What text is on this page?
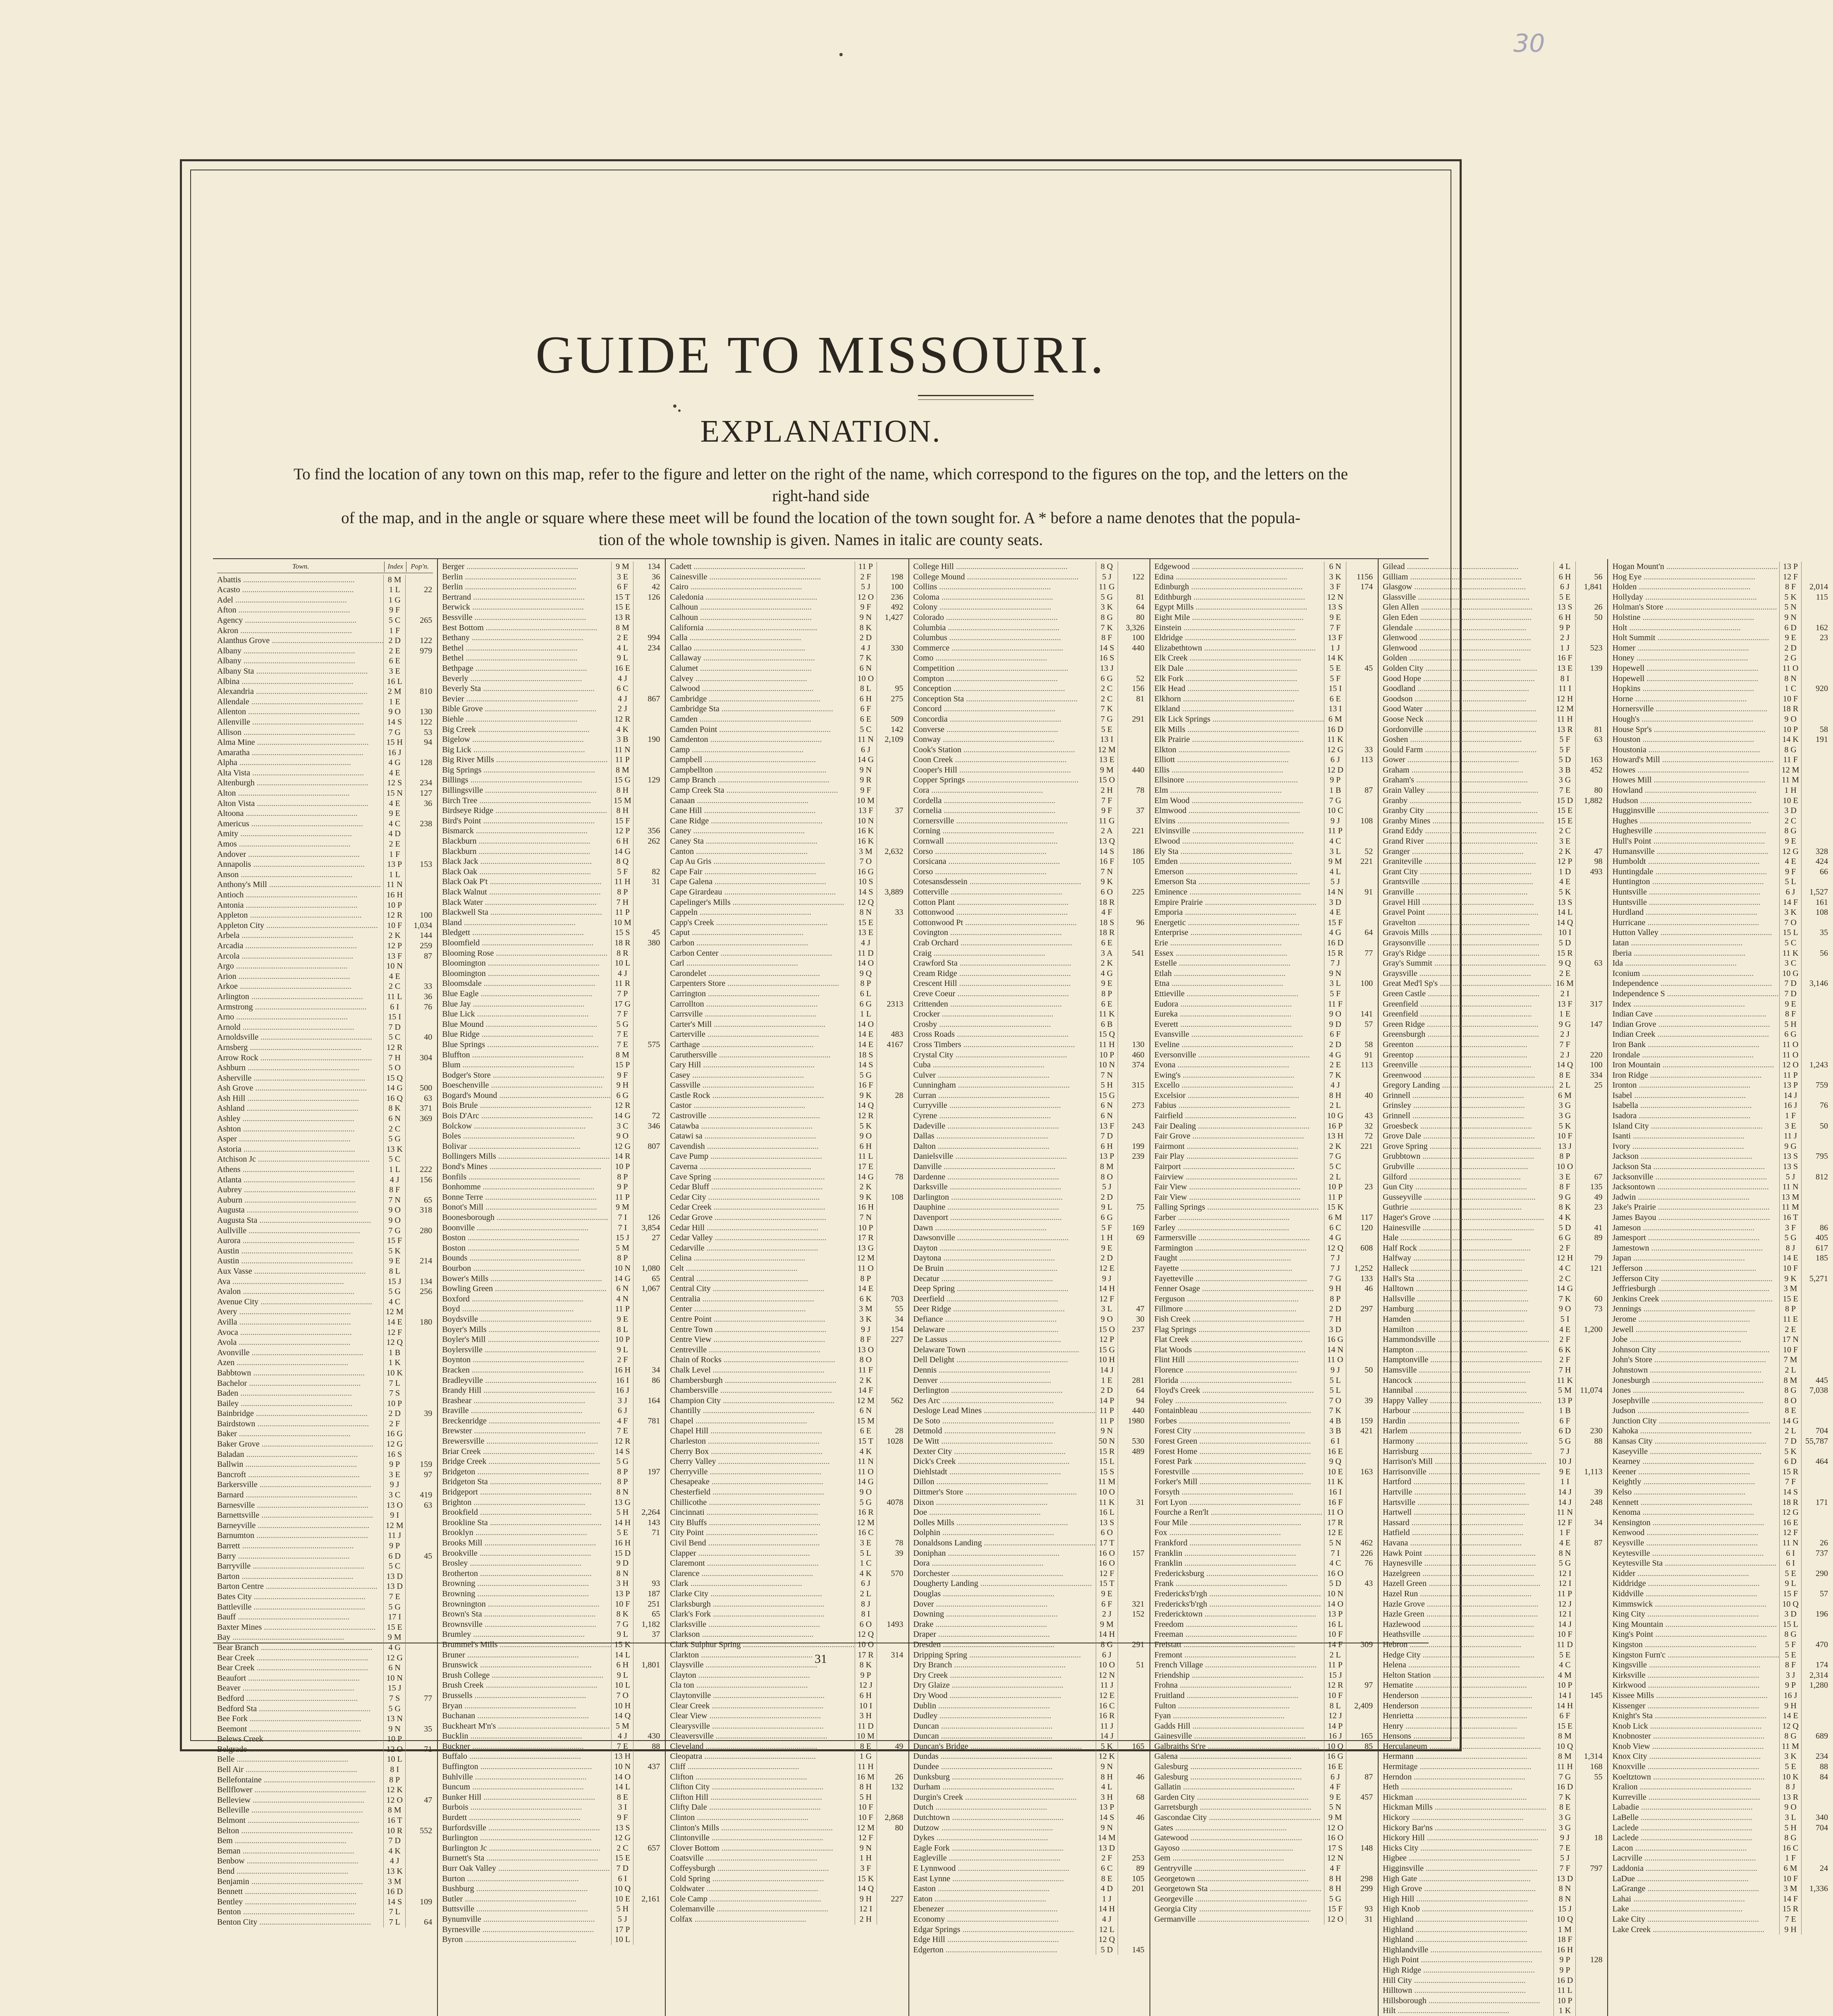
30
GUIDE TO MISSOURI.
EXPLANATION.
To find the location of any town on this map, refer to the figure and letter on the right of the name, which correspond to the figures on the top, and the letters on the right-hand side
of the map, and in the angle or square where these meet will be found the location of the town sought for. A * before a name denotes that the popula-
tion of the whole township is given. Names in italic are county seats.
Town.	Index	Pop'n.
Abattis .....	8 M
Acasto .....	1 L	22
Adel .....	1 G
Afton .....	9 F
Agency .....	5 C	265
Akron .....	1 F
Alanthus Grove .....	2 D	122
Albany .....	2 E	979
Albany .....	6 E
Albany Sta .....	3 E
Albina .....	16 L
Alexandria .....	2 M	810
Allendale .....	1 E
Allenton .....	9 O	130
Allenville .....	14 S	122
Allison .....	7 G	53
Alma Mine .....	15 H	94
Amaratha .....	16 J
Alpha .....	4 G	128
Alta Vista .....	4 E
Altenburgh .....	12 S	234
Alton .....	15 N	127
Alton Vista .....	4 E	36
Altoona .....	9 E
Americus .....	4 C	238
Amity .....	4 D
Amos .....	2 E
Andover .....	1 F
Annapolis .....	13 P	153
Anson .....	1 L
Anthony's Mill .....	11 N
Antioch .....	16 H
Antonia .....	10 P
Appleton .....	12 R	100
Appleton City .....	10 F	1,034
Arbela .....	2 K	144
Arcadia .....	12 P	259
Arcola .....	13 F	87
Argo .....	10 N
Arion .....	4 E
Arkoe .....	2 C	33
Arlington .....	11 L	36
Armstrong .....	6 I	76
Arno .....	15 I
Arnold .....	7 D
Arnoldsville .....	5 C	40
Arnsberg .....	12 R
Arrow Rock .....	7 H	304
Ashburn .....	5 O
Asherville .....	15 Q
Ash Grove .....	14 G	500
Ash Hill .....	16 Q	63
Ashland .....	8 K	371
Ashley .....	6 N	369
Ashton .....	2 C
Asper .....	5 G
Astoria .....	13 K
Atchison Jc .....	5 C
Athens .....	1 L	222
Atlanta .....	4 J	156
Aubrey .....	8 F
Auburn .....	7 N	65
Augusta .....	9 O	318
Augusta Sta .....	9 O
Aullville .....	7 G	280
Aurora .....	15 F
Austin .....	5 K
Austin .....	9 E	214
Aux Vasse .....	8 L
Ava .....	15 J	134
Avalon .....	5 G	256
Avenue City .....	4 C
Avery .....	12 M
Avilla .....	14 E	180
Avoca .....	12 F
Avola .....	12 Q
Avonville .....	1 B
Azen .....	1 K
Babbtown .....	10 K
Bachelor .....	7 L
Baden .....	7 S
Bailey .....	10 P
Bainbridge .....	2 D	39
Bairdstown .....	2 F
Baker .....	16 G
Baker Grove .....	12 G
Baladan .....	16 S
Ballwin .....	9 P	159
Bancroft .....	3 E	97
Barkersville .....	9 J
Barnard .....	3 C	419
Barnesville .....	13 O	63
Barnettsville .....	9 I
Barneyville .....	12 M
Barnumton .....	11 J
Barrett .....	9 P
Barry .....	6 D	45
Barryville .....	5 C
Barton .....	13 D
Barton Centre .....	13 D
Bates City .....	7 E
Battleville .....	5 G
Bauff .....	17 I
Baxter Mines .....	15 E
Bay .....	9 M
Bear Branch .....	4 G
Bear Creek .....	12 G
Bear Creek .....	6 N
Beaufort .....	10 N
Beaver .....	15 J
Bedford .....	7 S	77
Bedford Sta .....	5 G
Bee Fork .....	13 N
Beemont .....	9 N	35
Belews Creek .....	10 P
Belgrade .....	12 O	71
Belle .....	10 L
Bell Air .....	8 I
Bellefontaine .....	8 P
Bellflower .....	12 K
Belleview .....	12 O	47
Belleville .....	8 M
Belmont .....	16 T
Belton .....	10 R	552
Bem .....	7 D
Beman .....	4 K
Benbow .....	4 J
Bend .....	13 K
Benjamin .....	3 M
Bennett .....	16 D
Bentley .....	14 S	109
Benton .....	7 L
Benton City .....	7 L	64
Berger .....	9 M	134
Berlin .....	3 E	36
Berlin .....	6 F	42
Bertrand .....	15 T	126
Berwick .....	15 E
Bessville .....	13 R
Best Bottom .....	8 M
Bethany .....	2 E	994
Bethel .....	4 L	234
Bethel .....	9 L
Bethpage .....	16 E
Beverly .....	4 J
Beverly Sta .....	6 C
Bevier .....	4 J	867
Bible Grove .....	2 J
Biehle .....	12 R
Big Creek .....	4 K
Bigelow .....	3 B	190
Big Lick .....	11 N
Big River Mills .....	11 P
Big Springs .....	8 M
Billings .....	15 G	129
Billingsville .....	8 H
Birch Tree .....	15 M
Birdseye Ridge .....	8 H
Bird's Point .....	15 F
Bismarck .....	12 P	356
Blackburn .....	6 H	262
Blackburn .....	14 G
Black Jack .....	8 Q
Black Oak .....	5 F	82
Black Oak P't .....	11 H	31
Black Walnut .....	8 P
Black Water .....	7 H
Blackwell Sta .....	11 P
Bland .....	10 M
Bledgett .....	15 S	45
Bloomfield .....	18 R	380
Blooming Rose .....	8 R
Bloomington .....	10 L
Bloomington .....	4 J
Bloomsdale .....	11 R
Blue Eagle .....	7 P
Blue Jay .....	17 G
Blue Lick .....	7 F
Blue Mound .....	5 G
Blue Ridge .....	7 E
Blue Springs .....	7 E	575
Bluffton .....	8 M
Blum .....	15 P
Bodger's Store .....	9 F
Boeschenville .....	9 H
Bogard's Mound .....	6 G
Bois Brule .....	12 R
Bois D'Arc .....	14 G	72
Bolckow .....	3 C	346
Boles .....	9 O
Bolivar .....	12 G	807
Bollingers Mills .....	14 R
Bond's Mines .....	10 P
Bonfils .....	8 P
Bonhomme .....	9 P
Bonne Terre .....	11 P
Bonot's Mill .....	9 M
Boonesborough .....	7 I	126
Boonville .....	7 I	3,854
Boston .....	15 J	27
Boston .....	5 M
Bounds .....	8 P
Bourbon .....	10 N	1,080
Bower's Mills .....	14 G	65
Bowling Green .....	6 N	1,067
Boxford .....	4 N
Boyd .....	11 P
Boydsville .....	9 E
Boyer's Mills .....	8 L
Boyler's Mill .....	10 P
Boylersville .....	9 L
Boynton .....	2 F
Bracken .....	16 H	34
Bradleyville .....	16 I	86
Brandy Hill .....	16 J
Brashear .....	3 J	164
Braville .....	6 J
Breckenridge .....	4 F	781
Brewster .....	7 E
Brewersville .....	12 R
Briar Creek .....	14 S
Bridge Creek .....	5 G
Bridgeton .....	8 P	197
Bridgeton Sta .....	8 P
Bridgeport .....	8 N
Brighton .....	13 G
Brookfield .....	5 H	2,264
Brookline Sta .....	14 H	143
Brooklyn .....	5 E	71
Brooks Mill .....	16 H
Brookville .....	15 D
Brosley .....	9 D
Brotherton .....	8 N
Browning .....	3 H	93
Browning .....	13 P	187
Brownington .....	10 F	251
Brown's Sta .....	8 K	65
Brownsville .....	7 G	1,182
Brumley .....	9 L	37
Brummel's Mills .....	15 K
Bruner .....	14 L
Brunswick .....	6 H	1,801
Brush College .....	9 L
Brush Creek .....	10 L
Brussells .....	7 O
Bryan .....	10 H
Buchanan .....	14 Q
Buckheart M'n's .....	5 M
Bucklin .....	4 J	430
Buckner .....	7 E	88
Buffalo .....	13 H
Buffington .....	10 N	437
Buhlville .....	14 O
Buncum .....	14 L
Bunker Hill .....	8 E
Burbois .....	3 I
Burdett .....	9 F
Burfordsville .....	13 S
Burlington .....	12 G
Burlington Jc .....	2 C	657
Burnett's Sta .....	15 E
Burr Oak Valley .....	7 D
Burton .....	6 I
Bushburg .....	10 Q
Butler .....	10 E	2,161
Buttsville .....	5 H
Bynumville .....	5 J
Byrnesville .....	17 P
Byron .....	10 L
Cadett .....	11 P
Cainesville .....	2 F	198
Cairo .....	5 J	100
Caledonia .....	12 O	236
Calhoun .....	9 F	492
Calhoun .....	9 N	1,427
California .....	8 K
Calla .....	2 D
Callao .....	4 J	330
Callaway .....	7 K
Calumet .....	6 N
Calvey .....	10 O
Calwood .....	8 L	95
Cambridge .....	6 H	275
Cambridge Sta .....	6 F
Camden .....	6 E	509
Camden Point .....	5 C	142
Camdenton .....	11 N	2,109
Camp .....	6 J
Campbell .....	14 G
Campbellton .....	9 N
Camp Branch .....	9 R
Camp Creek Sta .....	9 F
Canaan .....	10 M
Cane Hill .....	13 F	37
Cane Ridge .....	10 N
Caney .....	16 K
Caney Sta .....	16 K
Canton .....	3 M	2,632
Cap Au Gris .....	7 O
Cape Fair .....	16 G
Cape Galena .....	10 S
Cape Girardeau .....	14 S	3,889
Capelinger's Mills .....	12 Q
Cappeln .....	8 N	33
Capp's Creek .....	15 E
Caput .....	13 E
Carbon .....	4 J
Carbon Center .....	11 D
Carl .....	14 O
Carondelet .....	9 Q
Carpenters Store .....	8 P
Carrington .....	6 L
Carrollton .....	6 G	2313
Carrsville .....	1 L
Carter's Mill .....	14 O
Carterville .....	14 E	483
Carthage .....	14 E	4167
Caruthersville .....	18 S
Cary Hill .....	14 S
Casey .....	5 G
Cassville .....	16 F
Castle Rock .....	9 K	28
Castor .....	14 Q
Castroville .....	12 R
Catawba .....	5 K
Catawi sa .....	9 O
Cavendish .....	6 H
Cave Pump .....	11 L
Caverna .....	17 E
Cave Spring .....	14 G	78
Cedar Bluff .....	2 K
Cedar City .....	9 K	108
Cedar Creek .....	16 H
Cedar Grove .....	7 N
Cedar Hill .....	10 P
Cedar Valley .....	17 R
Cedarville .....	13 G
Celina .....	12 M
Celt .....	11 O
Central .....	8 P
Central City .....	14 E
Centralia .....	6 K	703
Center .....	3 M	55
Centre Point .....	3 K	34
Centre Town .....	9 J	154
Centre View .....	8 F	227
Centreville .....	13 O
Chain of Rocks .....	8 O
Chalk Level .....	11 F
Chambersburgh .....	2 K
Chambersville .....	14 F
Champion City .....	12 M	562
Chantilly .....	6 N
Chapel .....	15 M
Chapel Hill .....	6 E	28
Charleston .....	15 T	1028
Cherry Box .....	4 K
Cherry Valley .....	11 N
Cherryville .....	11 O
Chesapeake .....	14 G
Chesterfield .....	9 O
Chillicothe .....	5 G	4078
Cincinnati .....	16 R
City Bluffs .....	12 M
City Point .....	16 C
Civil Bend .....	3 E	78
Clapper .....	5 L	39
Claremont .....	1 C
Clarence .....	4 K	570
Clark .....	6 J
Clarke City .....	2 L
Clarksburgh .....	8 J
Clark's Fork .....	8 I
Clarksville .....	6 O	1493
Clarkson .....	12 Q
Clark Sulphur Spring .....	10 O
Clarkton .....	17 R	314
Claysville .....	8 K
Clayton .....	9 P
Cla ton .....	12 J
Claytonville .....	6 H
Clear Creek .....	10 I
Clear View .....	3 H
Clearysville .....	11 D
Cleaversville .....	10 M
Cleveland .....	8 E	49
Cleopatra .....	1 G
Cliff .....	11 H
Clifton .....	16 M	26
Clifton City .....	8 H	132
Clifton Hill .....	5 H
Clifty Dale .....	10 F
Clinton .....	10 F	2,868
Clinton's Mills .....	12 M	80
Clintonville .....	12 F
Clover Bottom .....	9 N
Coatsville .....	1 H
Coffeysburgh .....	3 F
Cold Spring .....	15 K
Coldwater .....	14 Q
Cole Camp .....	9 H	227
Colemanville .....	12 I
Colfax .....	2 H
College Hill .....	8 Q
College Mound .....	5 J	122
Collins .....	11 G
Coloma .....	5 G	81
Colony .....	3 K	64
Colorado .....	8 G	80
Columbia .....	7 K	3,326
Columbus .....	8 F	100
Commerce .....	14 S	440
Como .....	16 S
Competition .....	13 J
Compton .....	6 G	52
Conception .....	2 C	156
Conception Sta .....	2 C	81
Concord .....	7 K
Concordia .....	7 G	291
Converse .....	5 E
Conway .....	13 I
Cook's Station .....	12 M
Coon Creek .....	13 E
Cooper's Hill .....	9 M	440
Copper Springs .....	15 O
Cora .....	2 H	78
Cordella .....	7 F
Cornelia .....	9 F	37
Cornersville .....	11 G
Corning .....	2 A	221
Cornwall .....	13 Q
Corso .....	14 S	186
Corsicana .....	16 F	105
Corso .....	7 N
Cotesansdessein .....	9 K
Cotterville .....	6 O	225
Cotton Plant .....	18 R
Cottonwood .....	4 F
Cottonwood Pt .....	18 S	96
Covington .....	18 R
Crab Orchard .....	6 E
Craig .....	3 A	541
Crawford Sta .....	2 K
Cream Ridge .....	4 G
Crescent Hill .....	9 E
Creve Coeur .....	8 P
Crittenden .....	6 E
Crocker .....	11 K
Crosby .....	6 B
Cross Roads .....	15 Q
Cross Timbers .....	11 H	130
Crystal City .....	10 P	460
Cuba .....	10 N	374
Culver .....	7 N
Cunningham .....	5 H	315
Curran .....	15 G
Curryville .....	6 N	273
Cyrene .....	6 N
Dadeville .....	13 F	243
Dallas .....	7 D
Dalton .....	6 H	199
Danielsville .....	13 P	239
Danville .....	8 M
Dardenne .....	8 O
Darksville .....	5 J
Darlington .....	2 D
Dauphine .....	9 L	75
Davenport .....	6 G
Dawn .....	5 F	169
Dawsonville .....	1 H	69
Dayton .....	9 E
Daytona .....	2 D
De Bruin .....	12 E
Decatur .....	9 J
Deep Spring .....	14 H
Deerfield .....	12 F
Deer Ridge .....	3 L	47
Defiance .....	9 O	30
Delaware .....	15 O	237
De Lassus .....	12 P
Delaware Town .....	15 G
Dell Delight .....	10 H
Dennis .....	14 J
Denver .....	1 E	281
Derlington .....	2 D	64
Des Arc .....	14 P	94
Desloge Lead Mines .....	11 P	440
De Soto .....	11 P	1980
Detmold .....	9 N
De Witt .....	50 N	530
Dexter City .....	15 R	489
Dick's Creek .....	15 L
Diehlstadt .....	15 S
Dillon .....	11 M
Dittmer's Store .....	10 O
Dixon .....	11 K	31
Doe .....	16 L
Dolles Mills .....	13 S
Dolphin .....	6 O
Donaldsons Landing .....	17 T
Doniphan .....	16 O	157
Dora .....	16 O
Dorchester .....	12 F
Dougherty Landing .....	15 T
Douglas .....	9 E
Dover .....	6 F	321
Downing .....	2 J	152
Drake .....	9 M
Draper .....	14 H
Dresden .....	8 G	291
Dripping Spring .....	6 J
Dry Branch .....	10 O	51
Dry Creek .....	12 N
Dry Glaize .....	11 J
Dry Wood .....	12 E
Dublin .....	16 C
Dudley .....	16 R
Duncan .....	11 J
Duncan .....	14 J
Duncan's Bridge .....	5 K	165
Dundas .....	12 K
Dundee .....	9 N
Dunksburg .....	8 H	46
Durham .....	4 L
Durgin's Creek .....	3 H	68
Dutch .....	13 P
Dutchtown .....	14 S	46
Dutzow .....	9 N
Dykes .....	14 M
Eagle Fork .....	13 D
Eagleville .....	2 F	253
E Lynnwood .....	6 C	89
East Lynne .....	8 E	105
Easton .....	4 D	201
Eaton .....	1 J
Ebenezer .....	14 H
Economy .....	4 J
Edgar Springs .....	12 L
Edge Hill .....	12 Q
Edgerton .....	5 D	145
Edgewood .....	6 N
Edina .....	3 K	1156
Edinburgh .....	3 F	174
Edithburgh .....	12 N
Egypt Mills .....	13 S
Eight Mile .....	9 E
Einstein .....	7 F
Eldridge .....	13 F
Elizabethtown .....	1 J
Elk Creek .....	14 K
Elk Dale .....	5 E	45
Elk Fork .....	5 F
Elk Head .....	15 I
Elkhorn .....	6 E
Elkland .....	13 I
Elk Lick Springs .....	6 M
Elk Mills .....	16 D
Elk Prairie .....	11 K
Elkton .....	12 G	33
Elliott .....	6 J	113
Ellis .....	12 D
Ellsinore .....	9 P
Elm .....	1 B	87
Elm Wood .....	7 G
Elmwood .....	10 C
Elvins .....	9 J	108
Elvinsville .....	11 P
Elwood .....	4 C
Ely Sta .....	3 L	52
Emden .....	9 M	221
Emerson .....	4 L
Emerson Sta .....	5 J
Eminence .....	14 N	91
Empire Prairie .....	3 D
Emporia .....	4 E
Energetic .....	15 F
Enterprise .....	4 G	64
Erie .....	16 D
Essex .....	15 R	77
Estelle .....	7 J
Etlah .....	9 N
Etna .....	3 L	100
Ettieville .....	5 F
Eudora .....	11 F
Eureka .....	9 O	141
Everett .....	9 D	57
Evansville .....	6 F
Eveline .....	2 D	58
Eversonville .....	4 G	91
Evona .....	2 E	113
Ewing's .....	7 K
Excello .....	4 J
Excelsior .....	8 H	40
Fabius .....	2 L
Fairfield .....	10 G	43
Fair Dealing .....	16 P	32
Fair Grove .....	13 H	72
Fairmont .....	2 K	221
Fair Play .....	7 G
Fairport .....	5 C
Fairview .....	2 L
Fair View .....	10 P	23
Fair View .....	11 P
Falling Springs .....	15 K
Farber .....	6 M	117
Farley .....	6 C	120
Farmersville .....	4 G
Farmington .....	12 Q	608
Faught .....	7 J
Fayette .....	7 J	1,252
Fayetteville .....	7 G	133
Fenner Osage .....	9 H	46
Ferguson .....	8 P
Fillmore .....	2 D	297
Fish Creek .....	7 H
Flag Springs .....	3 D
Flat Creek .....	16 G
Flat Woods .....	14 N
Flint Hill .....	11 O
Florence .....	9 J	50
Florida .....	5 L
Floyd's Creek .....	5 L
Foley .....	7 O	39
Fontainbleau .....	7 K
Forbes .....	4 B	159
Forest City .....	3 B	421
Forest Green .....	6 I
Forest Home .....	16 E
Forest Park .....	9 Q
Forestville .....	10 E	163
Forker's Mill .....	11 K
Forsyth .....	16 I
Fort Lyon .....	16 F
Fourche a Ren'lt .....	11 O
Four Mile .....	17 R
Fox .....	12 E
Frankford .....	5 N	462
Franklin .....	7 I	226
Franklin .....	4 C	76
Fredericksburg .....	16 O
Frank .....	5 D	43
Fredericks'b'rgh .....	10 N
Fredericks'b'rgh .....	14 O
Fredericktown .....	13 P
Freedom .....	16 L
Freeman .....	10 F
Freistatt .....	14 F	309
Fremont .....	2 L
French Village .....	11 P
Friendship .....	15 J
Frohna .....	12 R	97
Fruitland .....	10 F
Fulton .....	8 L	2,409
Fyan .....	12 J
Gadds Hill .....	14 P
Gainesville .....	16 J	165
Galbraiths St're .....	10 Q	85
Galena .....	16 G
Galesburg .....	16 E
Galesburg .....	6 J	87
Gallatin .....	4 F
Garden City .....	9 E	457
Garretsburgh .....	5 N
Gascondae City .....	9 M
Gates .....	12 O
Gatewood .....	16 O
Gayoso .....	17 S	148
Gem .....	12 N
Gentryville .....	4 F
Georgetown .....	8 H	298
Georgetown Sta .....	8 H	299
Georgeville .....	5 G
Georgia City .....	15 F	93
Germanville .....	12 O	31
Gilead .....	4 L
Gilliam .....	6 H	56
Glasgow .....	6 J	1,841
Glassville .....	5 E
Glen Allen .....	13 S	26
Glen Eden .....	6 H	50
Glendale .....	9 P
Glenwood .....	2 J
Glenwood .....	1 J	523
Golden .....	16 F
Golden City .....	13 E	139
Good Hope .....	8 I
Goodland .....	11 I
Goodson .....	12 H
Good Water .....	12 M
Goose Neck .....	11 H
Gordonville .....	13 R	81
Goshen .....	5 F	63
Gould Farm .....	5 F
Gower .....	5 D	163
Graham .....	3 B	452
Graham's .....	3 G
Grain Valley .....	7 E	80
Granby .....	15 D	1,882
Granby City .....	15 E
Granby Mines .....	15 E
Grand Eddy .....	2 C
Grand River .....	3 E
Granger .....	2 K	47
Graniteville .....	12 P	98
Grant City .....	1 D	493
Grantsville .....	4 E
Granville .....	5 K
Gravel Hill .....	13 S
Gravel Point .....	14 L
Gravelton .....	14 Q
Gravois Mills .....	10 I
Graysonville .....	5 D
Gray's Ridge .....	15 R
Gray's Summit .....	9 Q	63
Graysville .....	2 E
Great Med'l Sp's .....	16 M
Green Castle .....	2 I
Greenfield .....	13 F	317
Greenfield .....	1 E
Green Ridge .....	9 G	147
Greensburgh .....	2 J
Greenton .....	7 F
Greentop .....	2 J	220
Greenville .....	14 Q	100
Greenwood .....	8 E	334
Gregory Landing .....	2 L	25
Grinnell .....	6 M
Grinsley .....	3 G
Grinnell .....	3 G
Groesbeck .....	5 K
Grove Dale .....	10 F
Grove Spring .....	13 J
Grubbtown .....	8 P
Grubville .....	10 O
Gilford .....	3 E	67
Gun City .....	8 F	135
Gusseyville .....	9 G	49
Guthrie .....	8 K	23
Hager's Grove .....	4 K
Hainesville .....	5 D	41
Hale .....	6 G	89
Half Rock .....	2 F
Halfway .....	12 H	79
Halleck .....	4 C	121
Hall's Sta .....	2 C
Halltown .....	14 G
Hallsville .....	7 K	60
Hamburg .....	9 O	73
Hamden .....	5 I
Hamilton .....	4 E	1,200
Hammondsville .....	2 F
Hampton .....	6 K
Hamptonville .....	2 F
Hamsville .....	7 H
Hancock .....	11 K
Hannibal .....	5 M	11,074
Happy Valley .....	13 P
Harbour .....	1 B
Hardin .....	6 F
Harlem .....	6 D	230
Harmony .....	5 G	88
Harrisburg .....	7 J
Harrison's Mill .....	10 J
Harrisonville .....	9 E	1,113
Hartford .....	1 I
Hartville .....	14 J	39
Hartsville .....	14 J	248
Hartwell .....	11 N
Hassard .....	12 F	34
Hatfield .....	1 F
Havana .....	4 E	87
Hawk Point .....	8 N
Haynesville .....	5 G
Hazelgreen .....	12 I
Hazell Green .....	12 I
Hazel Run .....	11 P
Hazle Grove .....	12 J
Hazle Green .....	12 I
Hazlewood .....	14 J
Heathsville .....	10 F
Hebron .....	11 D
Hedge City .....	5 E
Helena .....	4 C
Helton Station .....	4 M
Hematite .....	10 P
Henderson .....	14 I	145
Henderson .....	14 H
Henrietta .....	6 F
Henry .....	15 E
Hensons .....	8 M
Herculaneum .....	10 Q
Hermann .....	8 M	1,314
Hermitage .....	11 H	168
Herndon .....	7 G	55
Heth .....	16 D
Hickman .....	7 K
Hickman Mills .....	8 E
Hickory .....	3 G
Hickory Bar'ns .....	3 G
Hickory Hill .....	9 J	18
Hicks City .....	7 E
Higbee .....	5 J
Higginsville .....	7 F	797
High Gate .....	13 D
High Grove .....	8 N
High Hill .....	8 N
High Knob .....	15 J
Highland .....	10 Q
Highland .....	1 M
Highland .....	18 F
Highlandville .....	16 H
High Point .....	9 P	128
High Ridge .....	9 P
Hill City .....	16 D
Hilltown .....	11 L
Hillsborough .....	10 P
Hilt .....	1 K
Hogan Mount'n .....	13 P
Hog Eye .....	12 F
Holden .....	8 F	2,014
Hollyday .....	5 K	115
Holman's Store .....	5 N
Holstine .....	9 N
Holt .....	6 D	162
Holt Summit .....	9 E	23
Homer .....	2 D
Honey .....	2 G
Hopewell .....	11 O
Hopewell .....	8 N
Hopkins .....	1 C	920
Horne .....	10 F
Hornersville .....	18 R
Hough's .....	9 O
House Spr's .....	10 P	58
Houston .....	14 K	191
Houstonia .....	8 G
Howard's Mill .....	11 F
Howes .....	12 M
Howes Mill .....	11 M
Howland .....	1 H
Hudson .....	10 E
Hugginsville .....	3 D
Hughes .....	2 C
Hughesville .....	8 G
Hull's Point .....	9 E
Humansville .....	12 G	328
Humboldt .....	4 E	424
Huntingdale .....	9 F	66
Huntington .....	5 L
Huntsville .....	6 J	1,527
Huntsville .....	14 F	161
Hurdland .....	3 K	108
Hurricane .....	7 O
Hutton Valley .....	15 L	35
Iatan .....	5 C
Iberia .....	11 K	56
Ida .....	3 C
Iconium .....	10 G
Independence .....	7 D	3,146
Independence S .....	7 D
Index .....	9 E
Indian Cave .....	8 F
Indian Grove .....	5 H
Indian Creek .....	6 G
Iron Bank .....	11 O
Irondale .....	11 O
Iron Mountain .....	12 O	1,243
Iron Ridge .....	11 P
Ironton .....	13 P	759
Isabel .....	14 J
Isabella .....	16 J	76
Isadora .....	1 F
Island City .....	3 E	50
Isanti .....	11 J
Ivory .....	9 G
Jackson .....	13 S	795
Jackson Sta .....	13 S
Jacksonville .....	5 J	812
Jacksontown .....	11 N
Jadwin .....	13 M
Jake's Prairie .....	11 M
James Bayou .....	16 T
Jameson .....	3 F	86
Jamesport .....	5 G	405
Jamestown .....	8 J	617
Japan .....	14 E	185
Jefferson .....	10 F
Jefferson City .....	9 K	5,271
Jeffriesburgh .....	3 M
Jenkins Creek .....	15 E
Jennings .....	8 P
Jerome .....	11 E
Jewell .....	2 E
Jobe .....	17 N
Johnson City .....	10 F
John's Store .....	7 M
Johnstown .....	2 L
Jonesburgh .....	8 M	445
Jones .....	8 G	7,038
Josephville .....	8 O
Judson .....	8 E
Junction City .....	14 G
Kahoka .....	2 L	704
Kansas City .....	7 D	55,787
Kaseyville .....	5 K
Kearney .....	6 D	464
Keener .....	15 R
Keightly .....	7 F
Kelso .....	14 S
Kennett .....	18 R	171
Kenoma .....	12 G
Kensington .....	16 E
Kenwood .....	12 F
Keysville .....	11 N	26
Keytesville .....	6 I	737
Keytesville Sta .....	6 I
Kidder .....	5 E	290
Kiddridge .....	9 L
Kiddville .....	15 F	57
Kimmswick .....	10 Q
King City .....	3 D	196
King Mountain .....	15 L
King's Point .....	8 G
Kingston .....	5 F	470
Kingston Furn'c .....	5 E
Kingsville .....	8 F	174
Kirksville .....	3 J	2,314
Kirkwood .....	9 P	1,280
Kissee Mills .....	16 J
Kissenger .....	9 H
Knight's Sta .....	14 E
Knob Lick .....	12 Q
Knobnoster .....	8 G	689
Knob View .....	11 M
Knox City .....	3 K	234
Knoxville .....	5 E	88
Koeltztown .....	10 K	84
Kralion .....	8 J
Kurreville .....	13 R
Labadie .....	9 O
LaBelle .....	3 L	340
Laclede .....	5 H	704
Laclede .....	8 G
Lacon .....	16 C
Lacrville .....	1 F
Laddonia .....	6 M	24
LaDue .....	10 F
LaGrange .....	3 M	1,336
Lahai .....	14 F
Lake .....	15 R
Lake City .....	7 E
Lake Creek .....	9 H
31
